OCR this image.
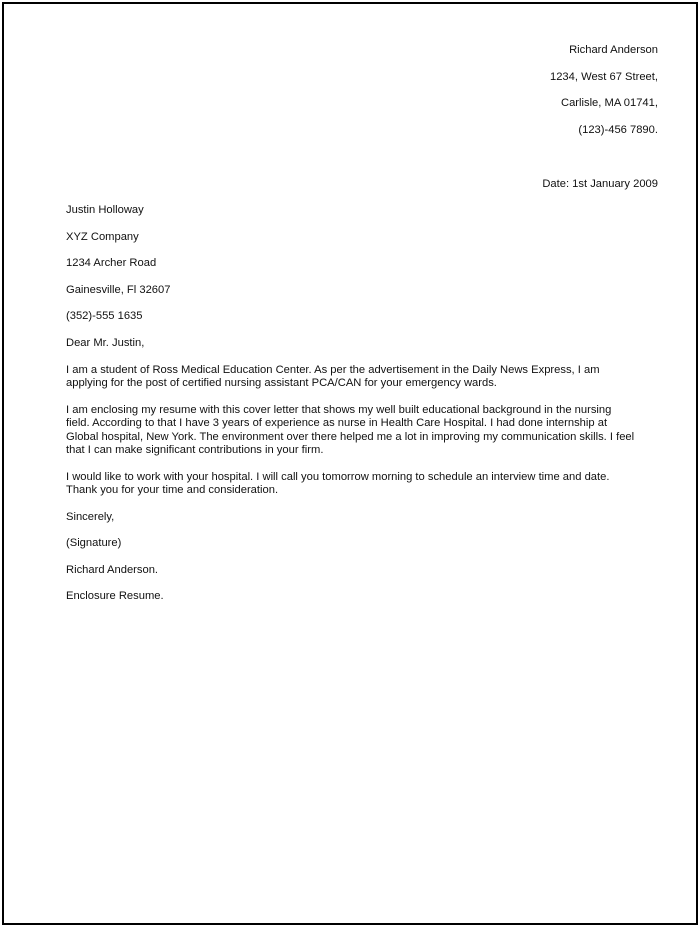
Richard Anderson
1234, West 67 Street,
Carlisle, MA 01741,
(123)-456 7890.
Date: 1st January 2009
Justin Holloway
XYZ Company
1234 Archer Road
Gainesville, Fl 32607
(352)-555 1635
Dear Mr. Justin,
I am a student of Ross Medical Education Center. As per the advertisement in the Daily News Express, I am
applying for the post of certified nursing assistant PCA/CAN for your emergency wards.
I am enclosing my resume with this cover letter that shows my well built educational background in the nursing
field. According to that I have 3 years of experience as nurse in Health Care Hospital. I had done internship at
Global hospital, New York. The environment over there helped me a lot in improving my communication skills. I feel
that I can make significant contributions in your firm.
I would like to work with your hospital. I will call you tomorrow morning to schedule an interview time and date.
Thank you for your time and consideration.
Sincerely,
(Signature)
Richard Anderson.
Enclosure Resume.
